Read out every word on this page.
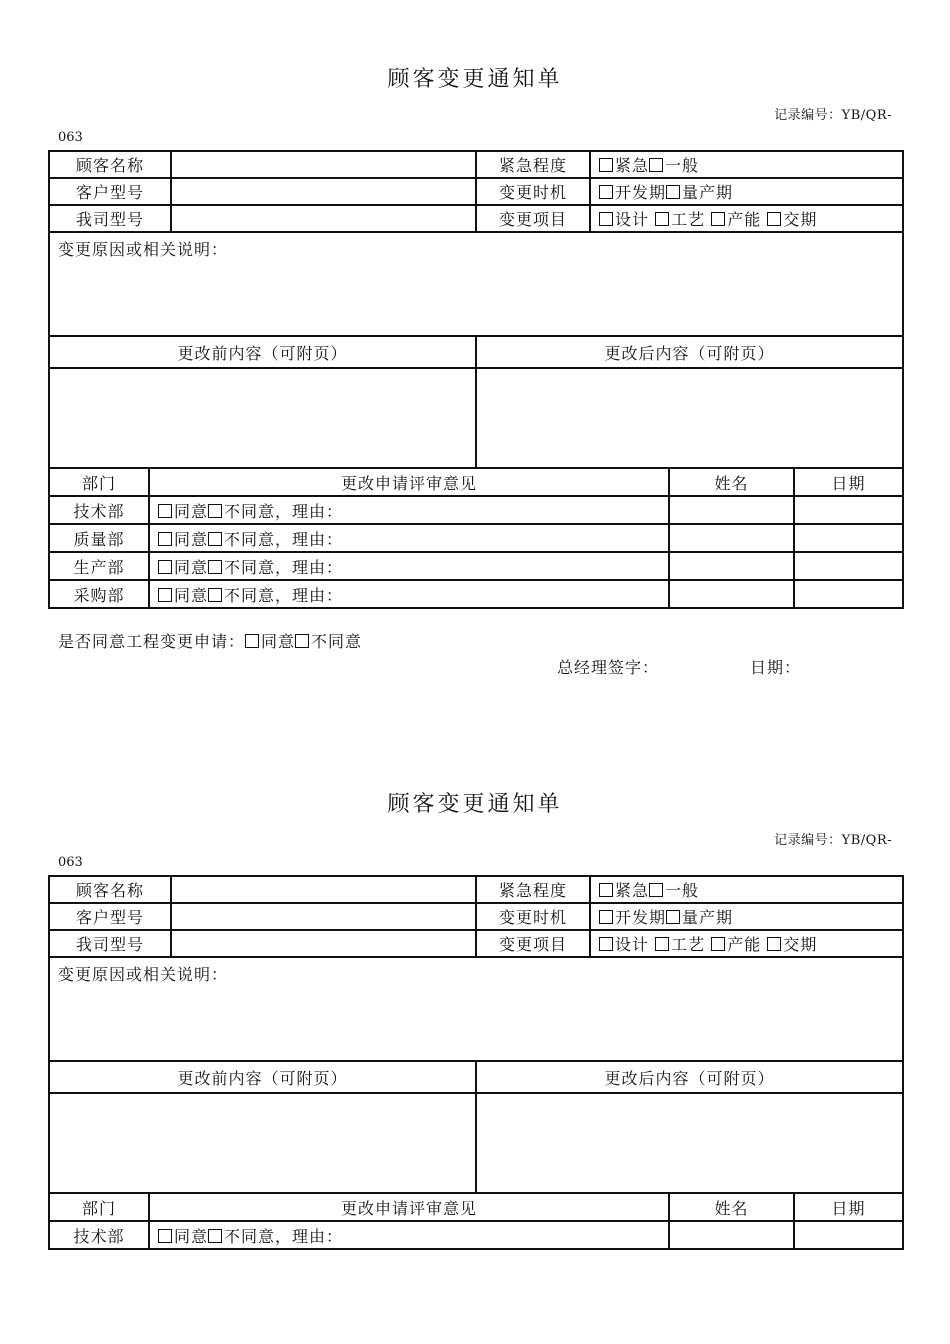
顾客变更通知单
记录编号：YB/QR-
063
顾客名称		紧急程度	紧急 一般
客户型号		变更时机	开发期 量产期
我司型号		变更项目	设计 工艺 产能 交期
变更原因或相关说明：			
更改前内容（可附页）		更改后内容（可附页）	

部门	更改申请评审意见	姓名	日期
技术部	同意 不同意，理由：		
质量部	同意 不同意，理由：		
生产部	同意 不同意，理由：		
采购部	同意 不同意，理由：		
是否同意工程变更申请： 同意 不同意
总经理签字：	日期：
顾客变更通知单
记录编号：YB/QR-
063
顾客名称		紧急程度	紧急 一般
客户型号		变更时机	开发期 量产期
我司型号		变更项目	设计 工艺 产能 交期
变更原因或相关说明：			
更改前内容（可附页）		更改后内容（可附页）	

部门	更改申请评审意见	姓名	日期
技术部	同意 不同意，理由：		
